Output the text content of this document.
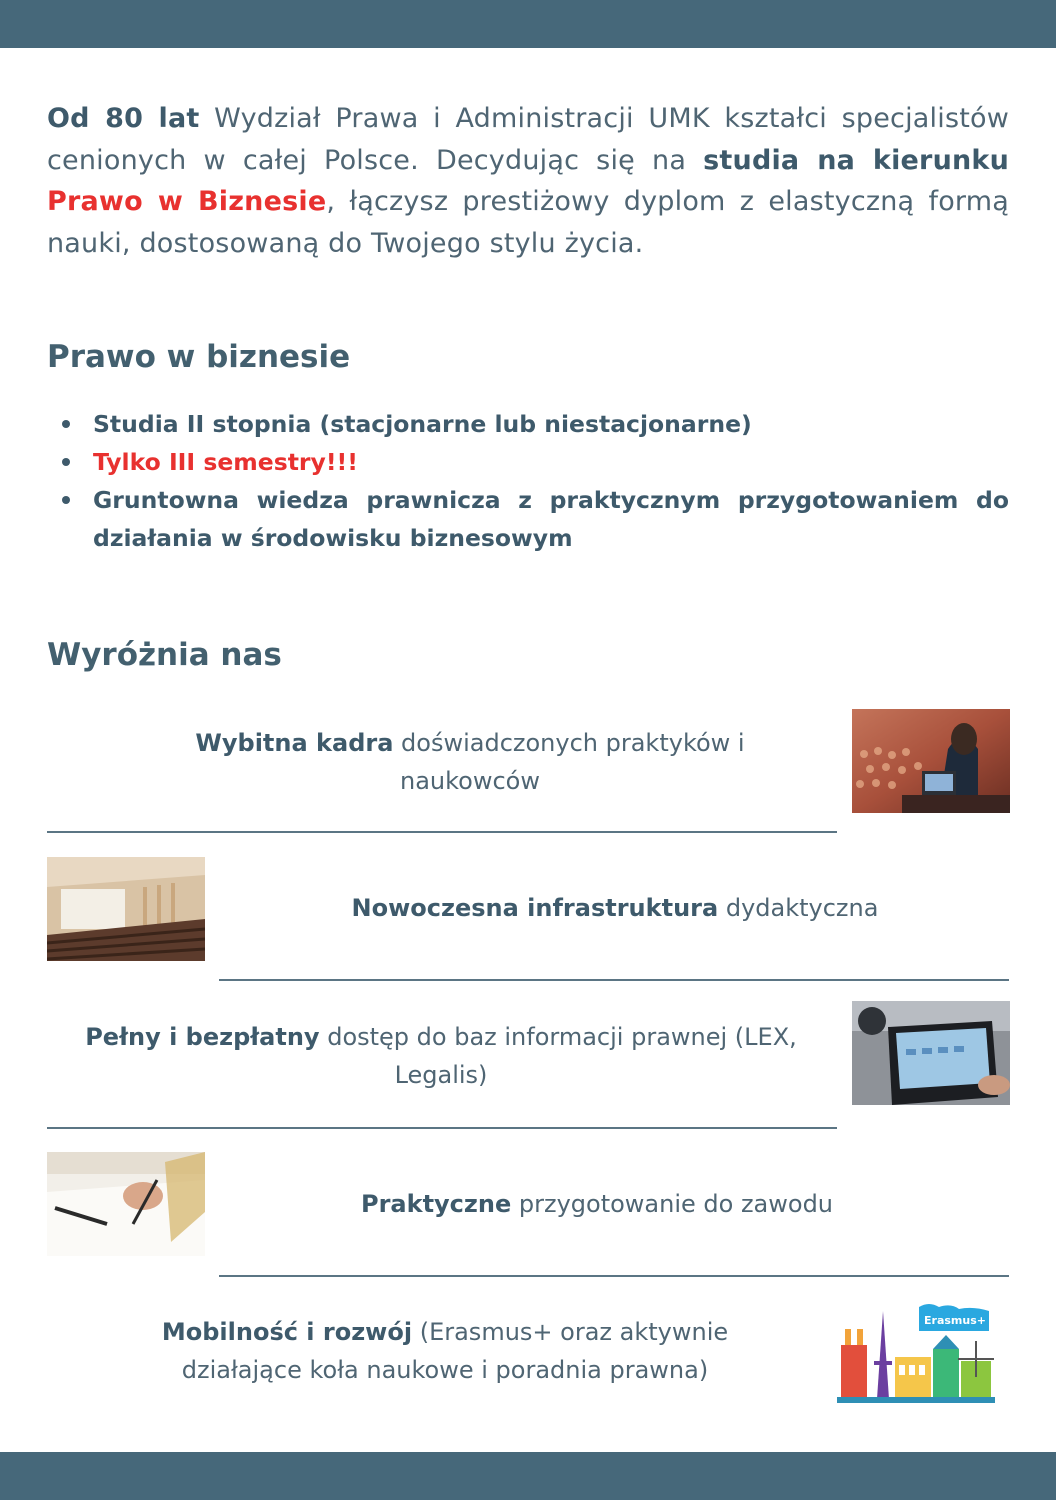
Od 80 lat Wydział Prawa i Administracji UMK kształci specjalistów cenionych w całej Polsce. Decydując się na studia na kierunku Prawo w Biznesie, łączysz prestiżowy dyplom z elastyczną formą nauki, dostosowaną do Twojego stylu życia.

Prawo w biznesie
Studia II stopnia (stacjonarne lub niestacjonarne)
Tylko III semestry!!!
Gruntowna wiedza prawnicza z praktycznym przygotowaniem do działania w środowisku biznesowym
Wyróżnia nas

Wybitna kadra doświadczonych praktyków i naukowców

Nowoczesna infrastruktura dydaktyczna

Pełny i bezpłatny dostęp do baz informacji prawnej (LEX, Legalis)

Praktyczne przygotowanie do zawodu

Mobilność i rozwój (Erasmus+ oraz aktywnie działające koła naukowe i poradnia prawna)

Erasmus+
